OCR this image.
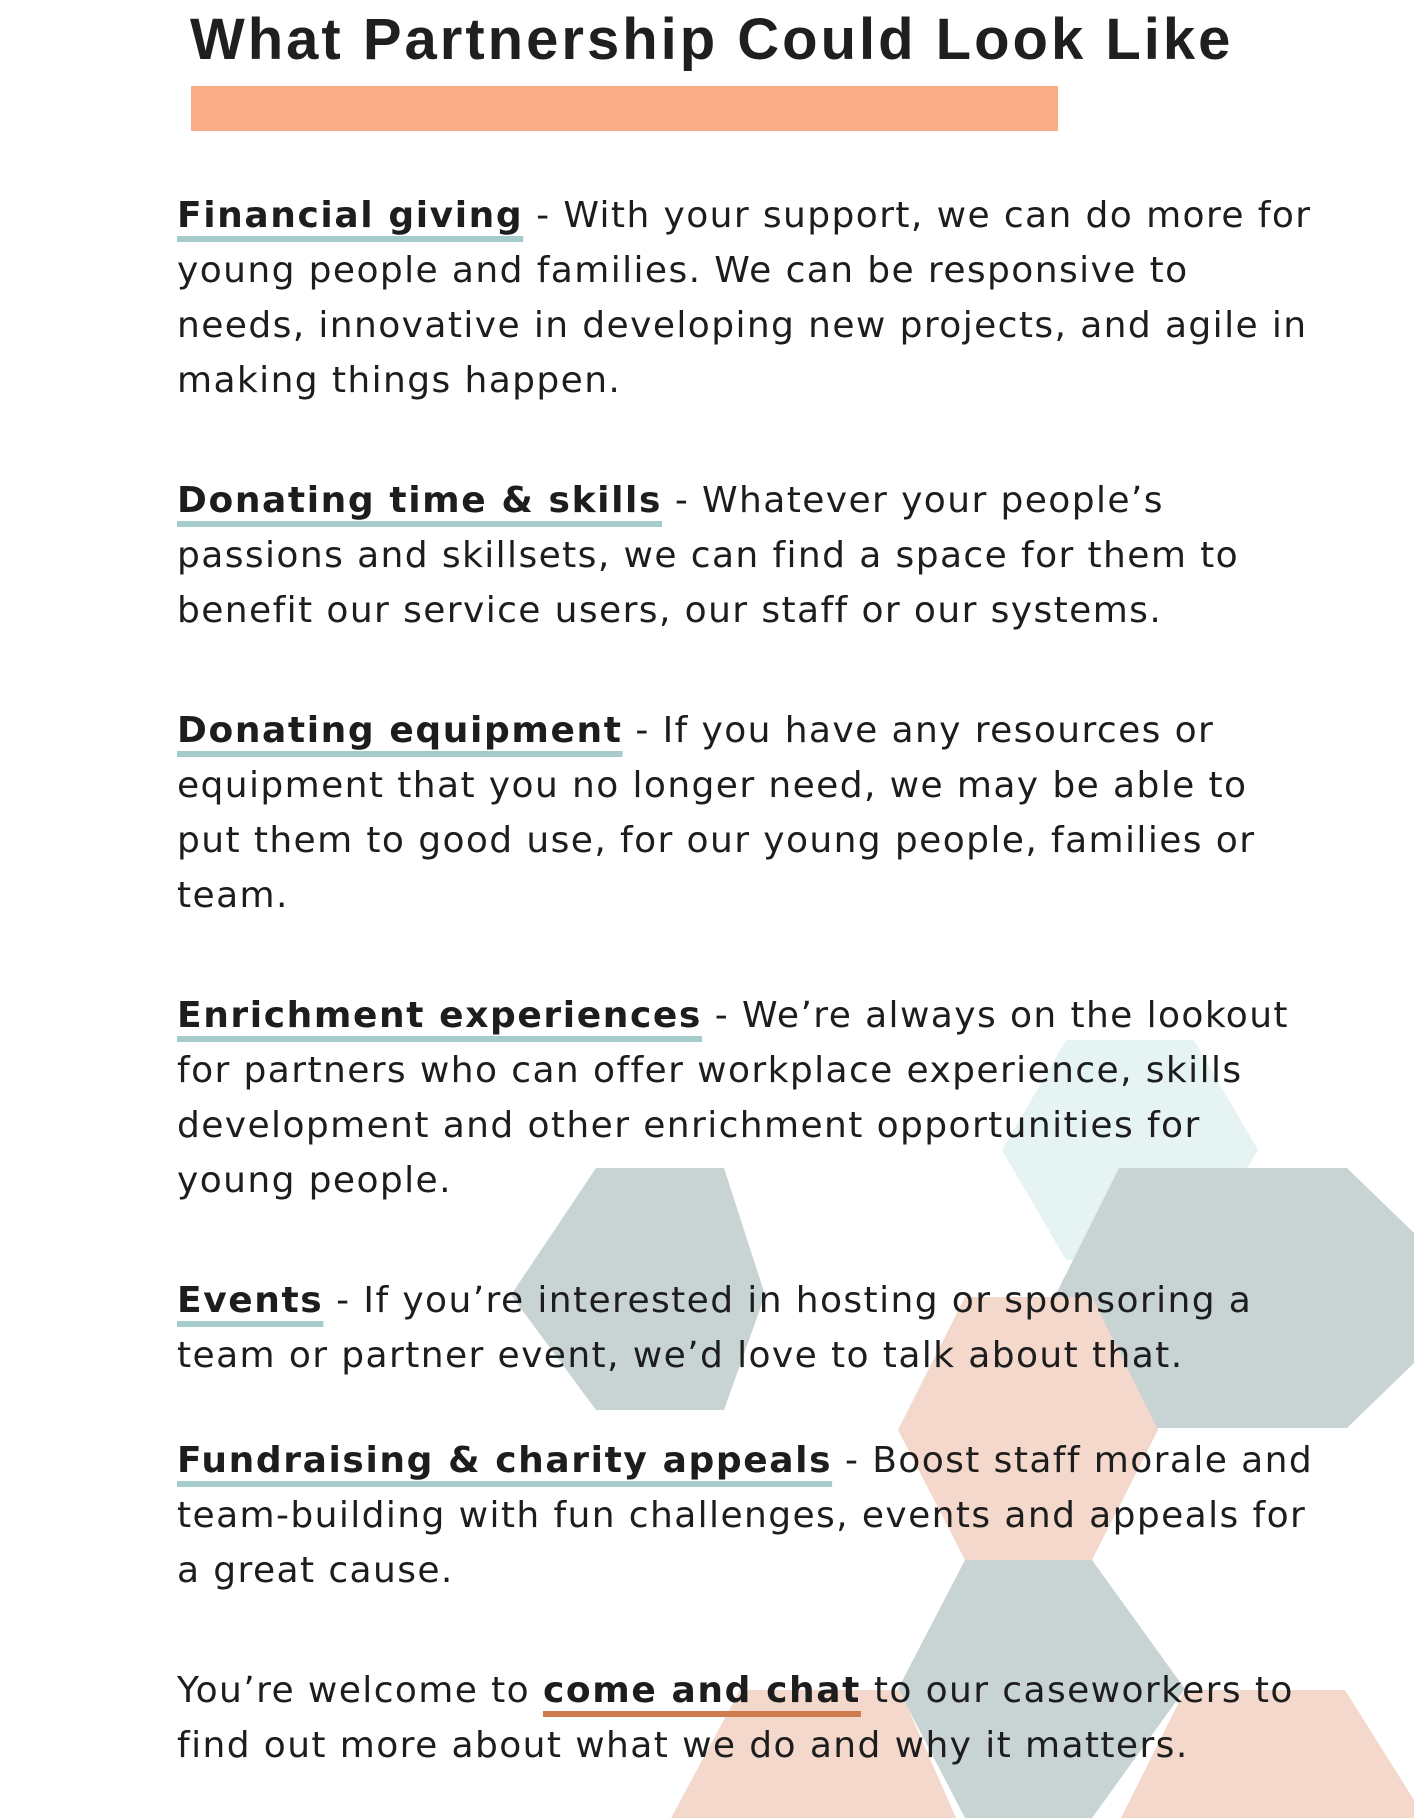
What Partnership Could Look Like

Financial giving - With your support, we can do more for young people and families. We can be responsive to needs, innovative in developing new projects, and agile in making things happen.

Donating time & skills - Whatever your people’s passions and skillsets, we can find a space for them to benefit our service users, our staff or our systems.

Donating equipment - If you have any resources or equipment that you no longer need, we may be able to put them to good use, for our young people, families or team.

Enrichment experiences - We’re always on the lookout for partners who can offer workplace experience, skills development and other enrichment opportunities for young people.

Events - If you’re interested in hosting or sponsoring a team or partner event, we’d love to talk about that.

Fundraising & charity appeals - Boost staff morale and team-building with fun challenges, events and appeals for a great cause.

You’re welcome to come and chat to our caseworkers to find out more about what we do and why it matters.
